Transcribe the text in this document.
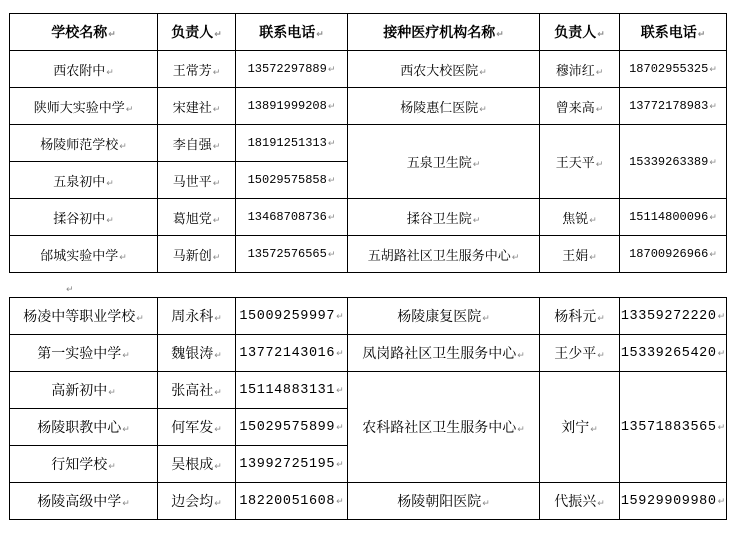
学校名称↵	负责人↵	联系电话↵	接种医疗机构名称↵	负责人↵	联系电话↵
西农附中↵	王常芳↵	13572297889↵	西农大校医院↵	穆沛红↵	18702955325↵
陕师大实验中学↵	宋建社↵	13891999208↵	杨陵惠仁医院↵	曾来高↵	13772178983↵
杨陵师范学校↵	李自强↵	18191251313↵	五泉卫生院↵	王天平↵	15339263389↵
五泉初中↵	马世平↵	15029575858↵			
揉谷初中↵	葛旭党↵	13468708736↵	揉谷卫生院↵	焦锐↵	15114800096↵
邰城实验中学↵	马新创↵	13572576565↵	五胡路社区卫生服务中心↵	王娟↵	18700926966↵
↵
杨凌中等职业学校↵	周永科↵	15009259997↵	杨陵康复医院↵	杨科元↵	13359272220↵
第一实验中学↵	魏银涛↵	13772143016↵	凤岗路社区卫生服务中心↵	王少平↵	15339265420↵
高新初中↵	张高社↵	15114883131↵	农科路社区卫生服务中心↵	刘宁↵	13571883565↵
杨陵职教中心↵	何军发↵	15029575899↵			
行知学校↵	吴根成↵	13992725195↵			
杨陵高级中学↵	边会均↵	18220051608↵	杨陵朝阳医院↵	代振兴↵	15929909980↵
